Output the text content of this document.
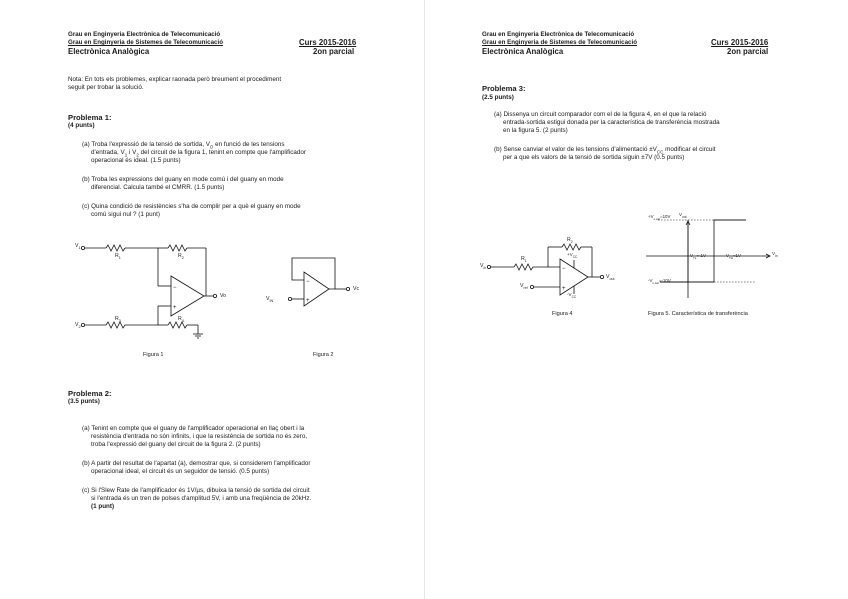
Grau en Enginyeria Electrònica de Telecomunicació
Grau en Enginyeria de Sistemes de Telecomunicació	Curs 2015-2016
Electrònica Analògica	2on parcial
Nota: En tots els problemes, explicar raonada però breument el procediment
seguit per trobar la solució.
Problema 1:
(4 punts)
(a) Troba l'expressió de la tensió de sortida, $V_O$ en funció de les tensions
d'entrada, $V_1$ i $V_2$ del circuit de la figura 1, tenint en compte que l'amplificador
operacional és ideal. (1.5 punts)
(b) Troba les expressions del guany en mode comú i del guany en mode
diferencial. Calcula també el CMRR. (1.5 punts)
(c) Quina condició de resistències s'ha de complir per a què el guany en mode
comú sigui nul ? (1 punt)
−
+
$V_1$
$R_1$	$R_2$
Vo
$V_2$
$R_3$	$R_4$
Figura 1
−
+
$V_{IN}$
Vc
Figura 2
Problema 2:
(3.5 punts)
(a) Tenint en compte que el guany de l'amplificador operacional en llaç obert i la
resistència d'entrada no són infinits, i que la resistència de sortida no és zero,
troba l'expressió del guany del circuit de la figura 2. (2 punts)
(b) A partir del resultat de l'apartat (a), demostrar que, si considerem l'amplificador
operacional ideal, el circuit és un seguidor de tensió. (0.5 punts)
(c) Si l'Slew Rate de l'amplificador és 1V/µs, dibuixa la tensió de sortida del circuit
si l'entrada és un tren de polses d'amplitud 5V, i amb una freqüència de 20kHz.
(1 punt)
Grau en Enginyeria Electrònica de Telecomunicació
Grau en Enginyeria de Sistemes de Telecomunicació	Curs 2015-2016
Electrònica Analògica	2on parcial
Problema 3:
(2.5 punts)
(a) Dissenya un circuit comparador com el de la figura 4, en el que la relació
entrada-sortida estigui donada per la característica de transferència mostrada
en la figura 5. (2 punts)
(b) Sense canviar el valor de les tensions d'alimentació $\pm V_{CC}$ modificar el circuit
per a que els valors de la tensió de sortida siguin ±7V (0.5 punts)
−
+
$R_2$
$R_1$
$V_{in}$
$V_{ref}$
$V_{out}$
$+V_{CC}$
$-V_{CC}$
Figura 4
$V_{out}$
$V_{in}$
$+V_{o,sat}=10V$
$-V_{o,sat}=-10V$
$V_{TL}=-1V$	$V_{TH}=1V$
Figura 5. Característica de transferència
